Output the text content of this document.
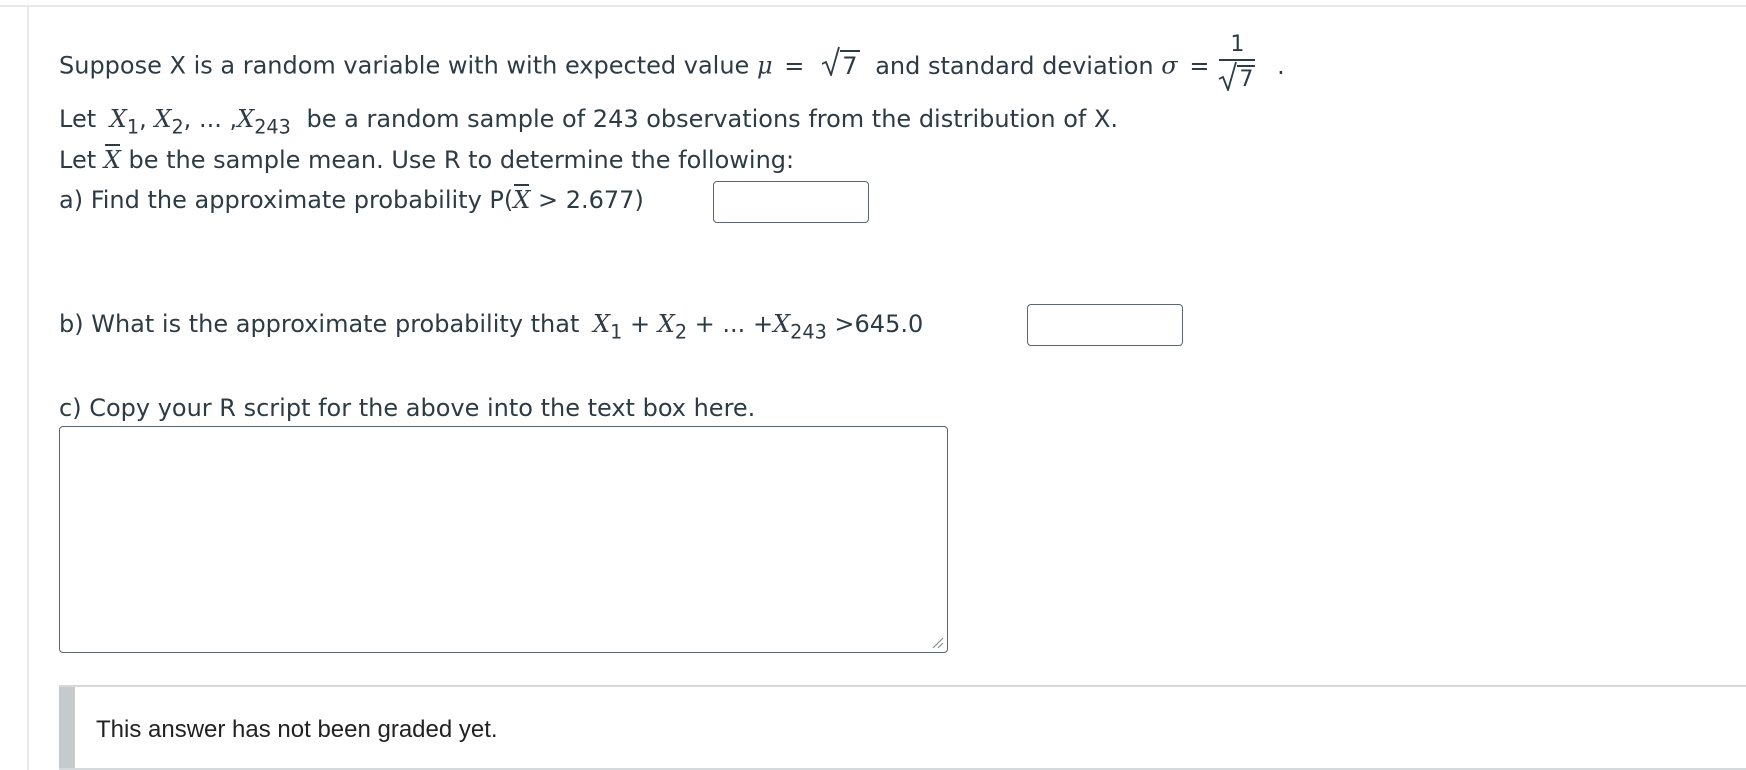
Suppose X is a random variable with with expected value μ = 7 and standard deviation $\sigma = \frac{1}{7}$ .
Let $X_1$, $X_2$, ... $,X_{243}$ be a random sample of 243 observations from the distribution of X.
Let X be the sample mean. Use R to determine the following:
a) Find the approximate probability P(X > 2.677)
b) What is the approximate probability that $X_1 + X_2$ + ... $+X_{243} >645.0$
c) Copy your R script for the above into the text box here.
This answer has not been graded yet.
